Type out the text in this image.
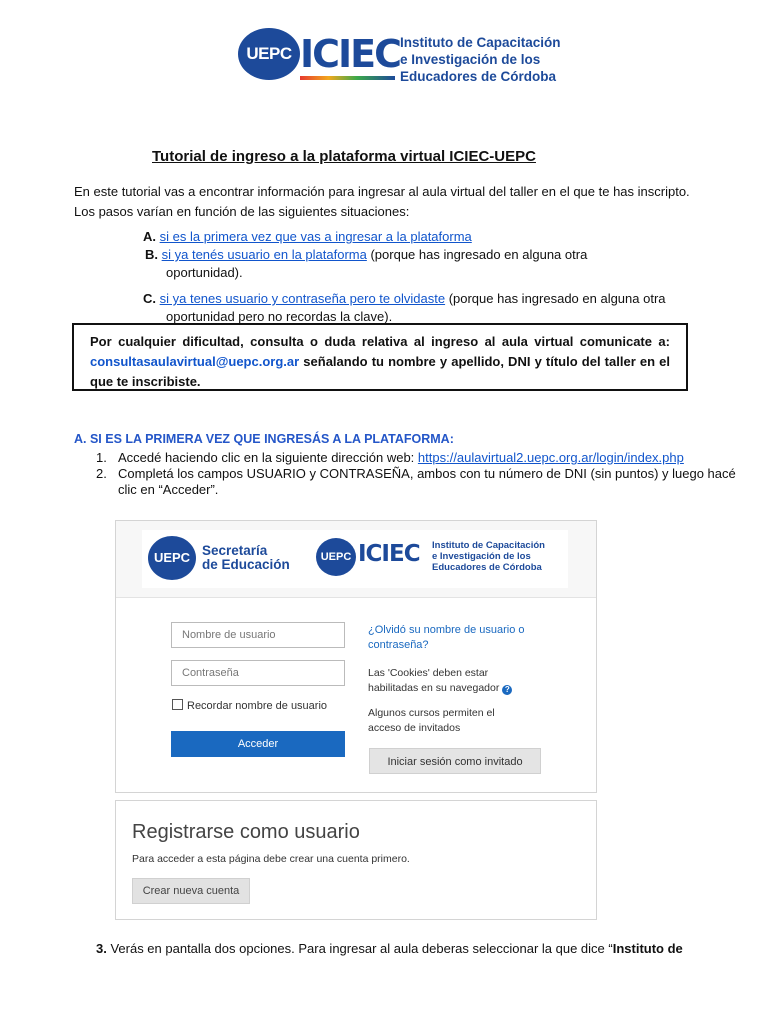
UEPC ICIEC Instituto de Capacitación
e Investigación de los
Educadores de Córdoba
Tutorial de ingreso a la plataforma virtual ICIEC-UEPC
En este tutorial vas a encontrar información para ingresar al aula virtual del taller en el que te has inscripto. Los pasos varían en función de las siguientes situaciones:
A. si es la primera vez que vas a ingresar a la plataforma
B. si ya tenés usuario en la plataforma (porque has ingresado en alguna otra
oportunidad).
C. si ya tenes usuario y contraseña pero te olvidaste (porque has ingresado en alguna otra
oportunidad pero no recordas la clave).
Por cualquier dificultad, consulta o duda relativa al ingreso al aula virtual comunicate a: consultasaulavirtual@uepc.org.ar señalando tu nombre y apellido, DNI y título del taller en el que te inscribiste.
A. SI ES LA PRIMERA VEZ QUE INGRESÁS A LA PLATAFORMA:
1. Accedé haciendo clic en la siguiente dirección web: https://aulavirtual2.uepc.org.ar/login/index.php
2. Completá los campos USUARIO y CONTRASEÑA, ambos con tu número de DNI (sin puntos) y luego hacé clic en “Acceder”.
UEPC Secretaría
de Educación	UEPC ICIEC Instituto de Capacitación
e Investigación de los
Educadores de Córdoba
Nombre de usuario
Contraseña
Recordar nombre de usuario
Acceder
¿Olvidó su nombre de usuario o
contraseña?
Las 'Cookies' deben estar
habilitadas en su navegador ?
Algunos cursos permiten el
acceso de invitados
Iniciar sesión como invitado
Registrarse como usuario
Para acceder a esta página debe crear una cuenta primero.
Crear nueva cuenta
3. Verás en pantalla dos opciones. Para ingresar al aula deberas seleccionar la que dice “Instituto de
